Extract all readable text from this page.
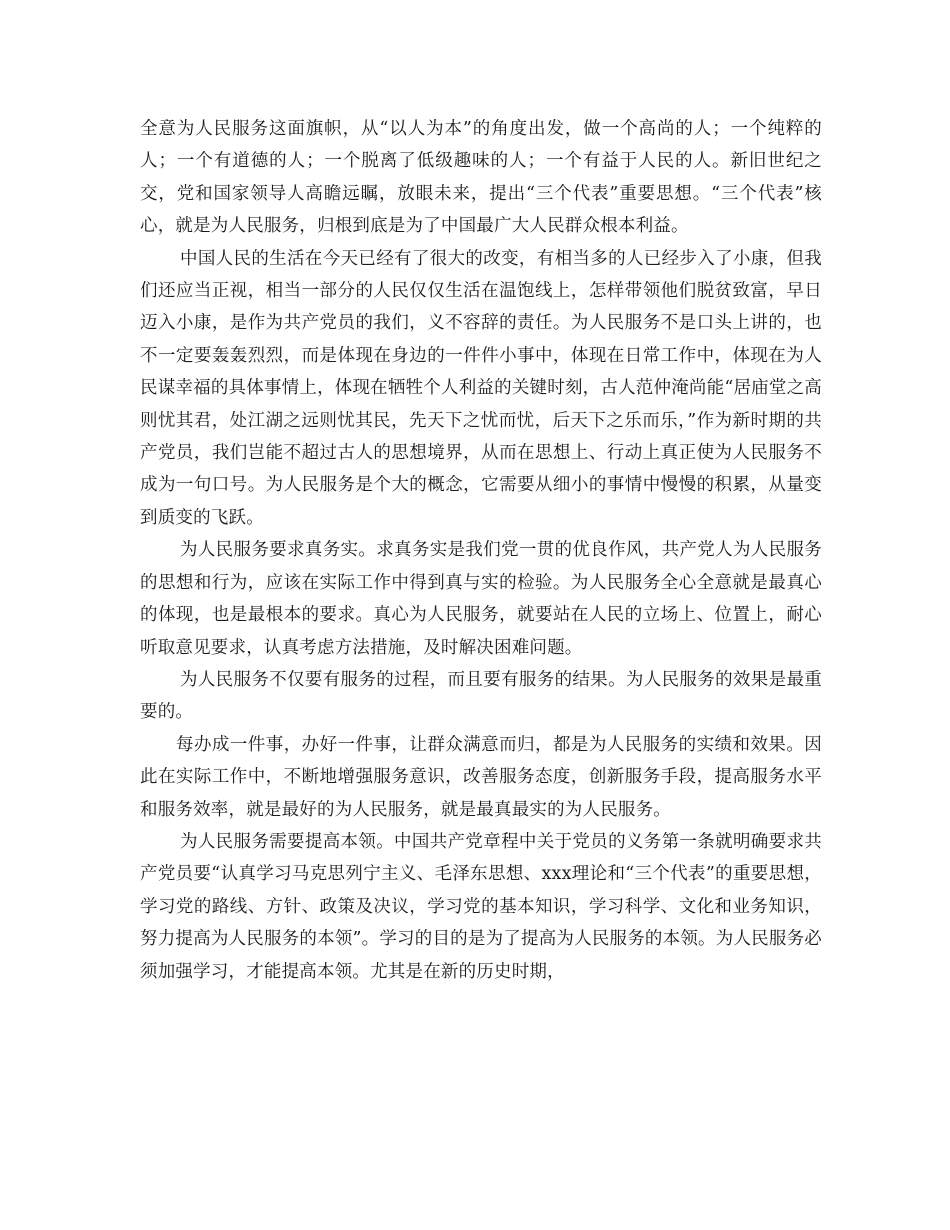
全意为人民服务这面旗帜，从“以人为本”的角度出发，做一个高尚的人；一个纯粹的人；一个有道德的人；一个脱离了低级趣味的人；一个有益于人民的人。新旧世纪之交，党和国家领导人高瞻远瞩，放眼未来，提出“三个代表”重要思想。“三个代表”核心，就是为人民服务，归根到底是为了中国最广大人民群众根本利益。

中国人民的生活在今天已经有了很大的改变，有相当多的人已经步入了小康，但我们还应当正视，相当一部分的人民仅仅生活在温饱线上，怎样带领他们脱贫致富，早日迈入小康，是作为共产党员的我们，义不容辞的责任。为人民服务不是口头上讲的，也不一定要轰轰烈烈，而是体现在身边的一件件小事中，体现在日常工作中，体现在为人民谋幸福的具体事情上，体现在牺牲个人利益的关键时刻，古人范仲淹尚能“居庙堂之高则忧其君，处江湖之远则忧其民，先天下之忧而忧，后天下之乐而乐，”作为新时期的共产党员，我们岂能不超过古人的思想境界，从而在思想上、行动上真正使为人民服务不成为一句口号。为人民服务是个大的概念，它需要从细小的事情中慢慢的积累，从量变到质变的飞跃。

为人民服务要求真务实。求真务实是我们党一贯的优良作风，共产党人为人民服务的思想和行为，应该在实际工作中得到真与实的检验。为人民服务全心全意就是最真心的体现，也是最根本的要求。真心为人民服务，就要站在人民的立场上、位置上，耐心听取意见要求，认真考虑方法措施，及时解决困难问题。

为人民服务不仅要有服务的过程，而且要有服务的结果。为人民服务的效果是最重要的。

每办成一件事，办好一件事，让群众满意而归，都是为人民服务的实绩和效果。因此在实际工作中，不断地增强服务意识，改善服务态度，创新服务手段，提高服务水平和服务效率，就是最好的为人民服务，就是最真最实的为人民服务。

为人民服务需要提高本领。中国共产党章程中关于党员的义务第一条就明确要求共产党员要“认真学习马克思列宁主义、毛泽东思想、xxx理论和“三个代表”的重要思想，学习党的路线、方针、政策及决议，学习党的基本知识，学习科学、文化和业务知识，努力提高为人民服务的本领”。学习的目的是为了提高为人民服务的本领。为人民服务必须加强学习，才能提高本领。尤其是在新的历史时期，
